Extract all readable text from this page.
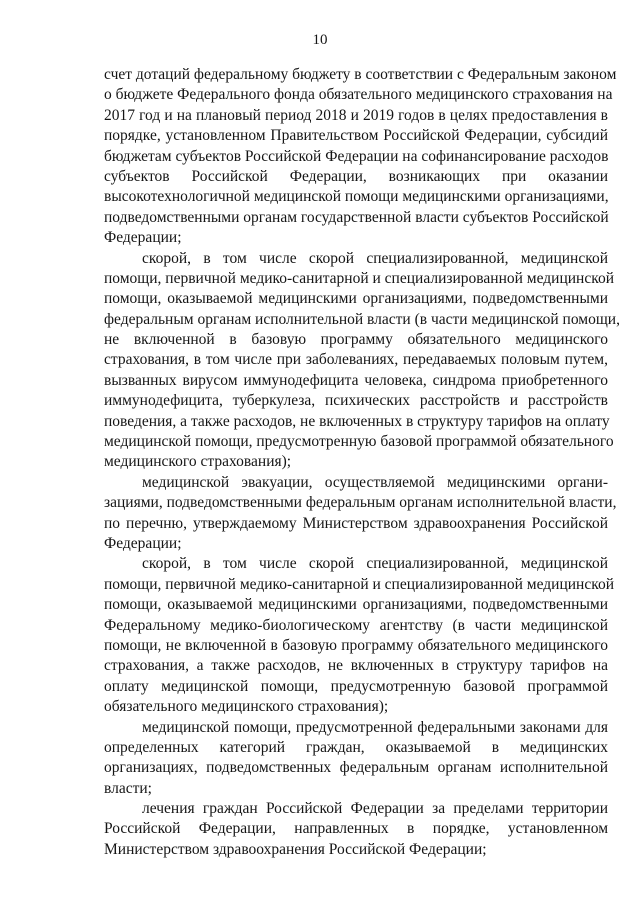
10
счет дотаций федеральному бюджету в соответствии с Федеральным законом
о бюджете Федерального фонда обязательного медицинского страхования на
2017 год и на плановый период 2018 и 2019 годов в целях предоставления в
порядке, установленном Правительством Российской Федерации, субсидий
бюджетам субъектов Российской Федерации на софинансирование расходов
субъектов Российской Федерации, возникающих при оказании
высокотехнологичной медицинской помощи медицинскими организациями,
подведомственными органам государственной власти субъектов Российской
Федерации;
скорой, в том числе скорой специализированной, медицинской
помощи, первичной медико-санитарной и специализированной медицинской
помощи, оказываемой медицинскими организациями, подведомственными
федеральным органам исполнительной власти (в части медицинской помощи,
не включенной в базовую программу обязательного медицинского
страхования, в том числе при заболеваниях, передаваемых половым путем,
вызванных вирусом иммунодефицита человека, синдрома приобретенного
иммунодефицита, туберкулеза, психических расстройств и расстройств
поведения, а также расходов, не включенных в структуру тарифов на оплату
медицинской помощи, предусмотренную базовой программой обязательного
медицинского страхования);
медицинской эвакуации, осуществляемой медицинскими органи-
зациями, подведомственными федеральным органам исполнительной власти,
по перечню, утверждаемому Министерством здравоохранения Российской
Федерации;
скорой, в том числе скорой специализированной, медицинской
помощи, первичной медико-санитарной и специализированной медицинской
помощи, оказываемой медицинскими организациями, подведомственными
Федеральному медико-биологическому агентству (в части медицинской
помощи, не включенной в базовую программу обязательного медицинского
страхования, а также расходов, не включенных в структуру тарифов на
оплату медицинской помощи, предусмотренную базовой программой
обязательного медицинского страхования);
медицинской помощи, предусмотренной федеральными законами для
определенных категорий граждан, оказываемой в медицинских
организациях, подведомственных федеральным органам исполнительной
власти;
лечения граждан Российской Федерации за пределами территории
Российской Федерации, направленных в порядке, установленном
Министерством здравоохранения Российской Федерации;
